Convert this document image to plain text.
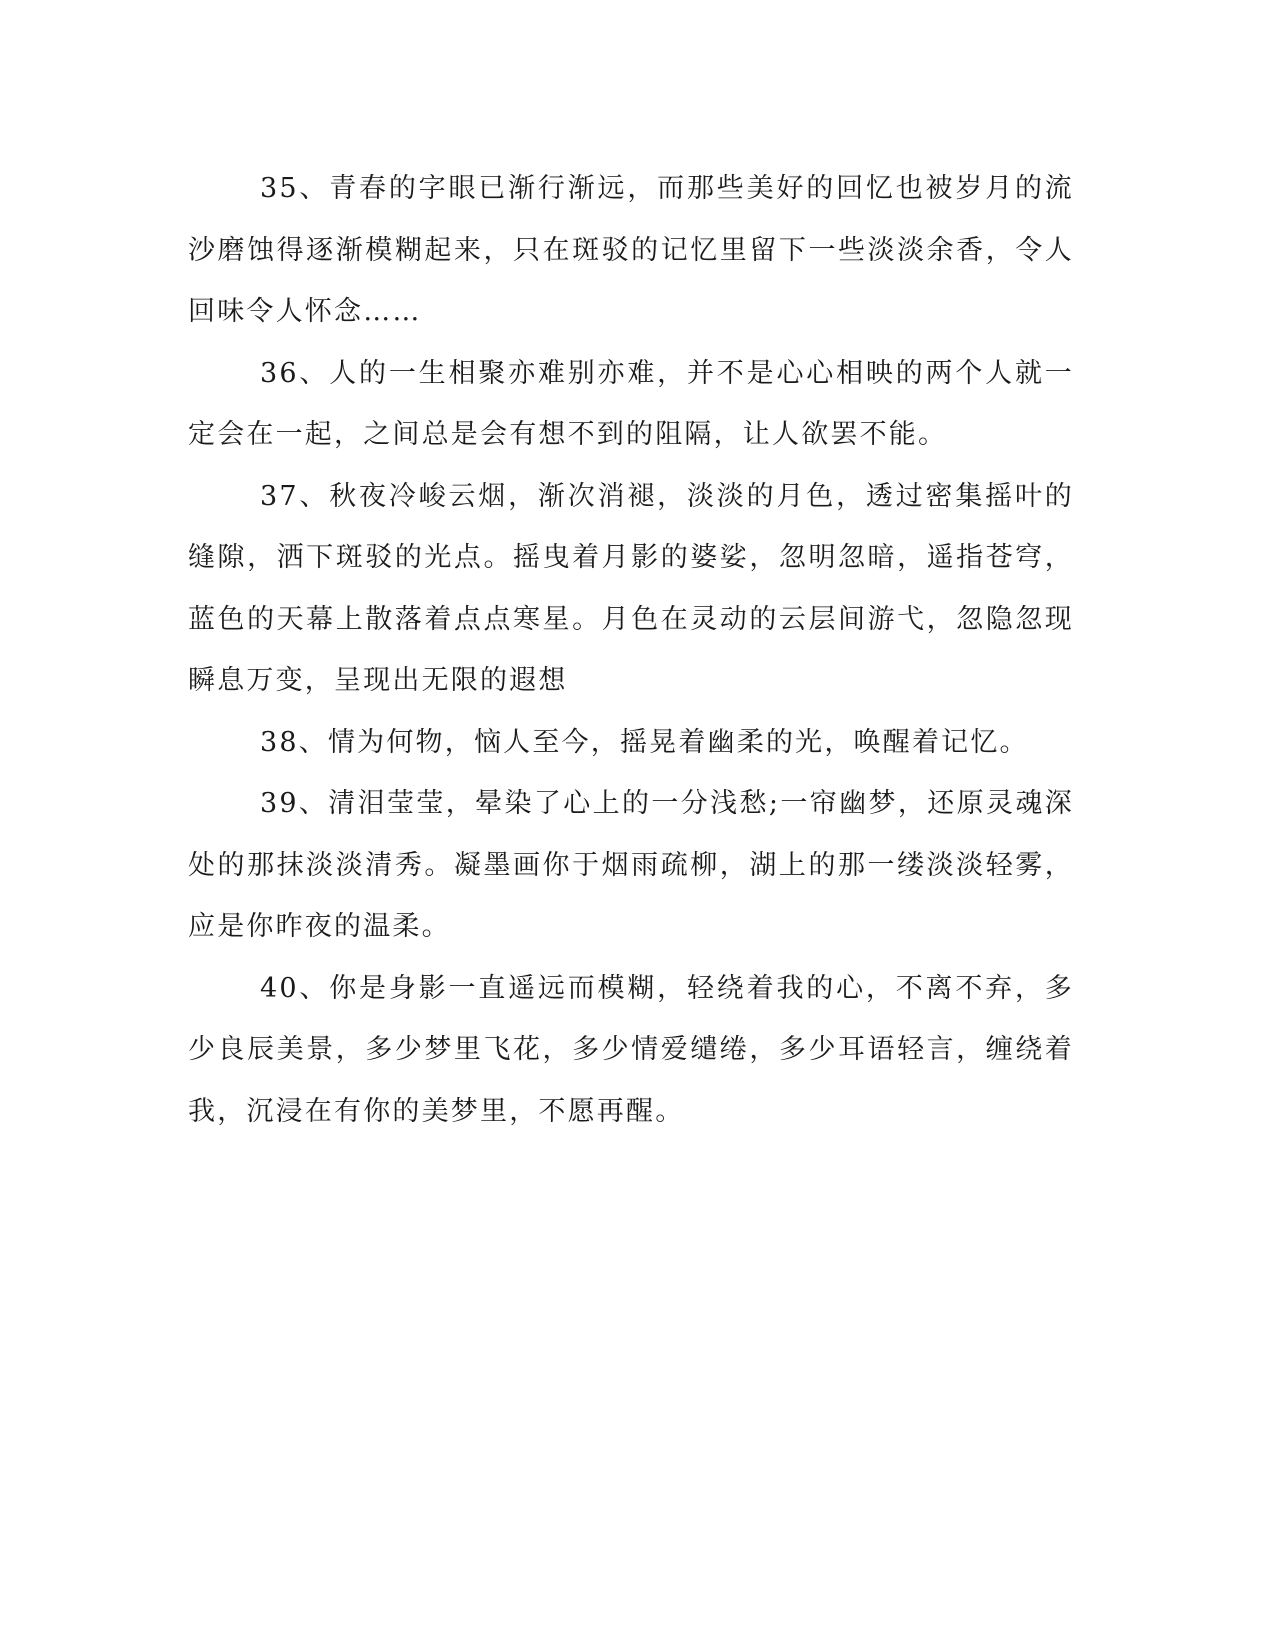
35、青春的字眼已渐行渐远，而那些美好的回忆也被岁月的流沙磨蚀得逐渐模糊起来，只在斑驳的记忆里留下一些淡淡余香，令人回味令人怀念……

36、人的一生相聚亦难别亦难，并不是心心相映的两个人就一定会在一起，之间总是会有想不到的阻隔，让人欲罢不能。

37、秋夜冷峻云烟，渐次消褪，淡淡的月色，透过密集摇叶的缝隙，洒下斑驳的光点。摇曳着月影的婆娑，忽明忽暗，遥指苍穹，蓝色的天幕上散落着点点寒星。月色在灵动的云层间游弋，忽隐忽现瞬息万变，呈现出无限的遐想

38、情为何物，恼人至今，摇晃着幽柔的光，唤醒着记忆。

39、清泪莹莹，晕染了心上的一分浅愁;一帘幽梦，还原灵魂深处的那抹淡淡清秀。凝墨画你于烟雨疏柳，湖上的那一缕淡淡轻雾，应是你昨夜的温柔。

40、你是身影一直遥远而模糊，轻绕着我的心，不离不弃，多少良辰美景，多少梦里飞花，多少情爱缱绻，多少耳语轻言，缠绕着我，沉浸在有你的美梦里，不愿再醒。
